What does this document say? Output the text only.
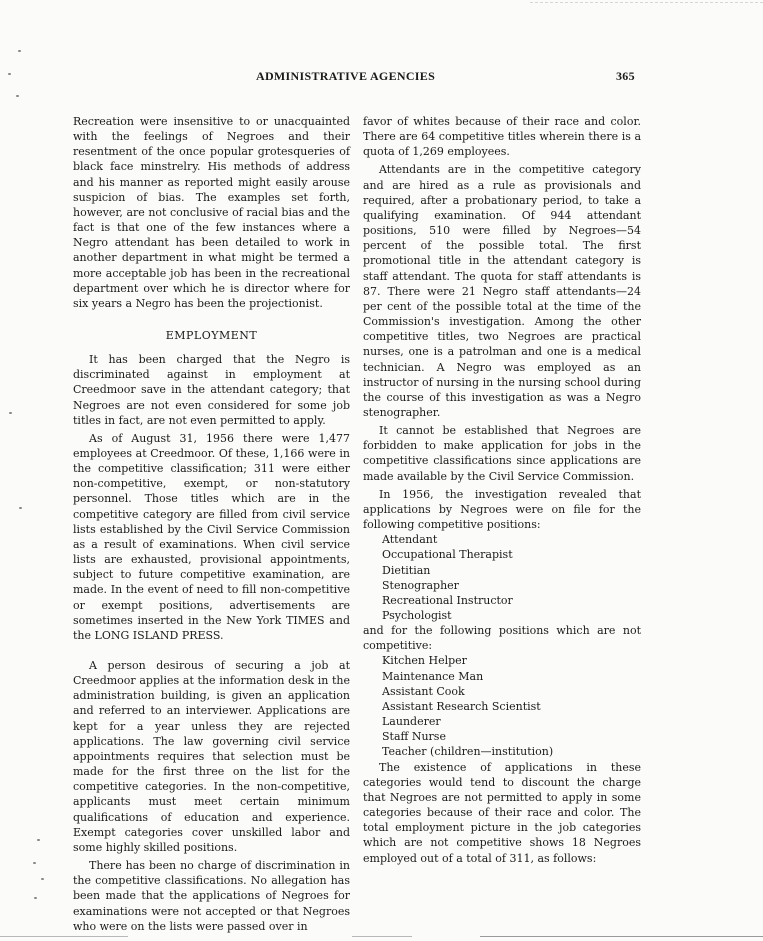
ADMINISTRATIVE AGENCIES	365

Recreation were insensitive to or unacquainted with the feelings of Negroes and their resentment of the once popular grotesqueries of black face minstrelry. His methods of address and his manner as reported might easily arouse suspicion of bias. The examples set forth, however, are not conclusive of racial bias and the fact is that one of the few instances where a Negro attendant has been detailed to work in another department in what might be termed a more acceptable job has been in the recreational department over which he is director where for six years a Negro has been the projectionist.

EMPLOYMENT

It has been charged that the Negro is discriminated against in employment at Creedmoor save in the attendant category; that Negroes are not even considered for some job titles in fact, are not even permitted to apply.

As of August 31, 1956 there were 1,477 employees at Creedmoor. Of these, 1,166 were in the competitive classification; 311 were either non-competitive, exempt, or non-statutory personnel. Those titles which are in the competitive category are filled from civil service lists established by the Civil Service Commission as a result of examinations. When civil service lists are exhausted, provisional appointments, subject to future competitive examination, are made. In the event of need to fill non-competitive or exempt positions, advertisements are sometimes inserted in the New York TIMES and the LONG ISLAND PRESS.

A person desirous of securing a job at Creedmoor applies at the information desk in the administration building, is given an application and referred to an interviewer. Applications are kept for a year unless they are rejected applications. The law governing civil service appointments requires that selection must be made for the first three on the list for the competitive categories. In the non-competitive, applicants must meet certain minimum qualifications of education and experience. Exempt categories cover unskilled labor and some highly skilled positions.

There has been no charge of discrimination in the competitive classifications. No allegation has been made that the applications of Negroes for examinations were not accepted or that Negroes who were on the lists were passed over in

favor of whites because of their race and color. There are 64 competitive titles wherein there is a quota of 1,269 employees.

Attendants are in the competitive category and are hired as a rule as provisionals and required, after a probationary period, to take a qualifying examination. Of 944 attendant positions, 510 were filled by Negroes—54 percent of the possible total. The first promotional title in the attendant category is staff attendant. The quota for staff attendants is 87. There were 21 Negro staff attendants—24 per cent of the possible total at the time of the Commission's investigation. Among the other competitive titles, two Negroes are practical nurses, one is a patrolman and one is a medical technician. A Negro was employed as an instructor of nursing in the nursing school during the course of this investigation as was a Negro stenographer.

It cannot be established that Negroes are forbidden to make application for jobs in the competitive classifications since applications are made available by the Civil Service Commission.

In 1956, the investigation revealed that applications by Negroes were on file for the following competitive positions:

Attendant
Occupational Therapist
Dietitian
Stenographer
Recreational Instructor
Psychologist

and for the following positions which are not competitive:

Kitchen Helper
Maintenance Man
Assistant Cook
Assistant Research Scientist
Launderer
Staff Nurse
Teacher (children—institution)

The existence of applications in these categories would tend to discount the charge that Negroes are not permitted to apply in some categories because of their race and color. The total employment picture in the job categories which are not competitive shows 18 Negroes employed out of a total of 311, as follows:
